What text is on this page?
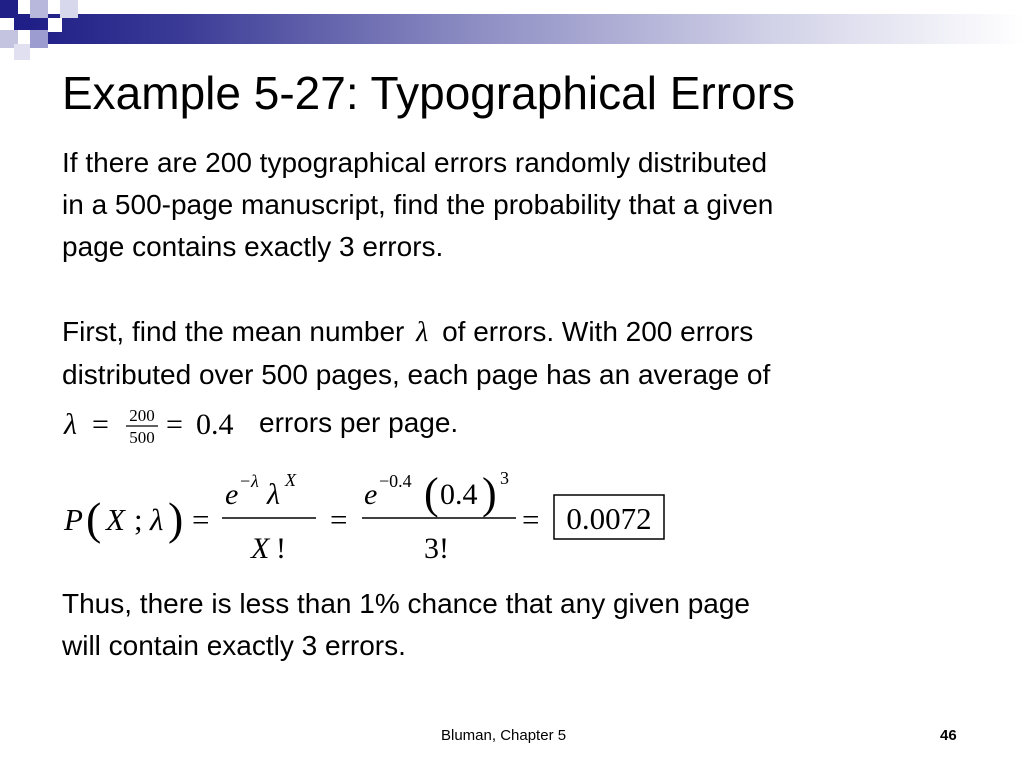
Example 5-27: Typographical Errors

If there are 200 typographical errors randomly distributed

in a 500-page manuscript, find the probability that a given

page contains exactly 3 errors.

First, find the mean number λ of errors. With 200 errors

distributed over 500 pages, each page has an average of

λ = 200
500 = 0.4 errors per page.
P ( X ; λ ) =
e − λ λ X
X !
=
e −0.4 ( 0.4 ) 3
3!
= 0.0072

Thus, there is less than 1% chance that any given page

will contain exactly 3 errors.

Bluman, Chapter 5	46
